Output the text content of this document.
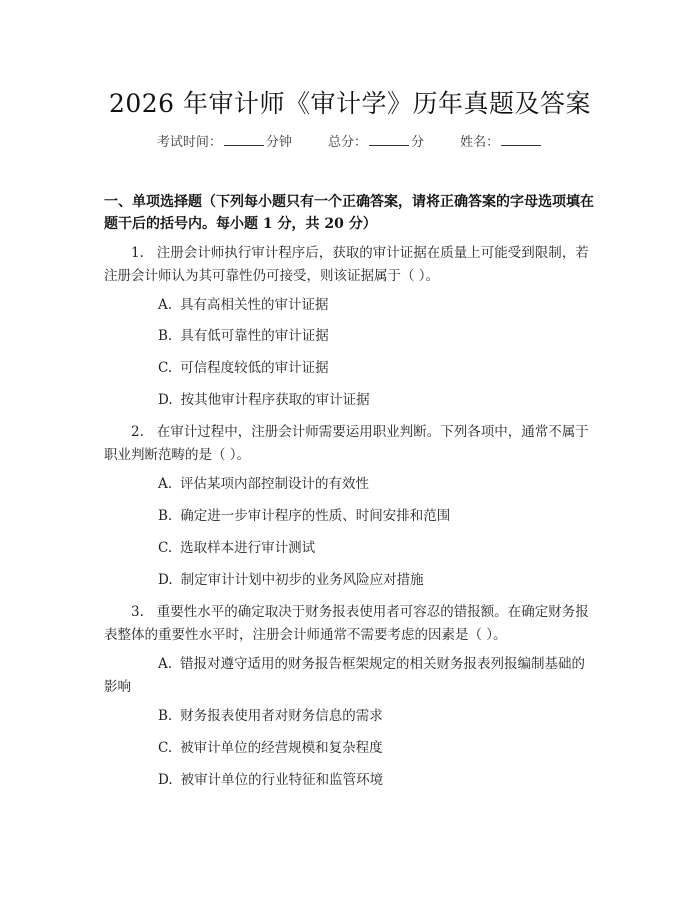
2026 年审计师《审计学》历年真题及答案
考试时间：	分钟	总分：	分	姓名：
一、单项选择题（下列每小题只有一个正确答案，请将正确答案的字母选项填在题干后的括号内。每小题 1 分，共 20 分）
1. 注册会计师执行审计程序后，获取的审计证据在质量上可能受到限制，若注册会计师认为其可靠性仍可接受，则该证据属于（ ）。
A. 具有高相关性的审计证据
B. 具有低可靠性的审计证据
C. 可信程度较低的审计证据
D. 按其他审计程序获取的审计证据
2. 在审计过程中，注册会计师需要运用职业判断。下列各项中，通常不属于职业判断范畴的是（ ）。
A. 评估某项内部控制设计的有效性
B. 确定进一步审计程序的性质、时间安排和范围
C. 选取样本进行审计测试
D. 制定审计计划中初步的业务风险应对措施
3. 重要性水平的确定取决于财务报表使用者可容忍的错报额。在确定财务报表整体的重要性水平时，注册会计师通常不需要考虑的因素是（ ）。
A. 错报对遵守适用的财务报告框架规定的相关财务报表列报编制基础的影响
B. 财务报表使用者对财务信息的需求
C. 被审计单位的经营规模和复杂程度
D. 被审计单位的行业特征和监管环境
